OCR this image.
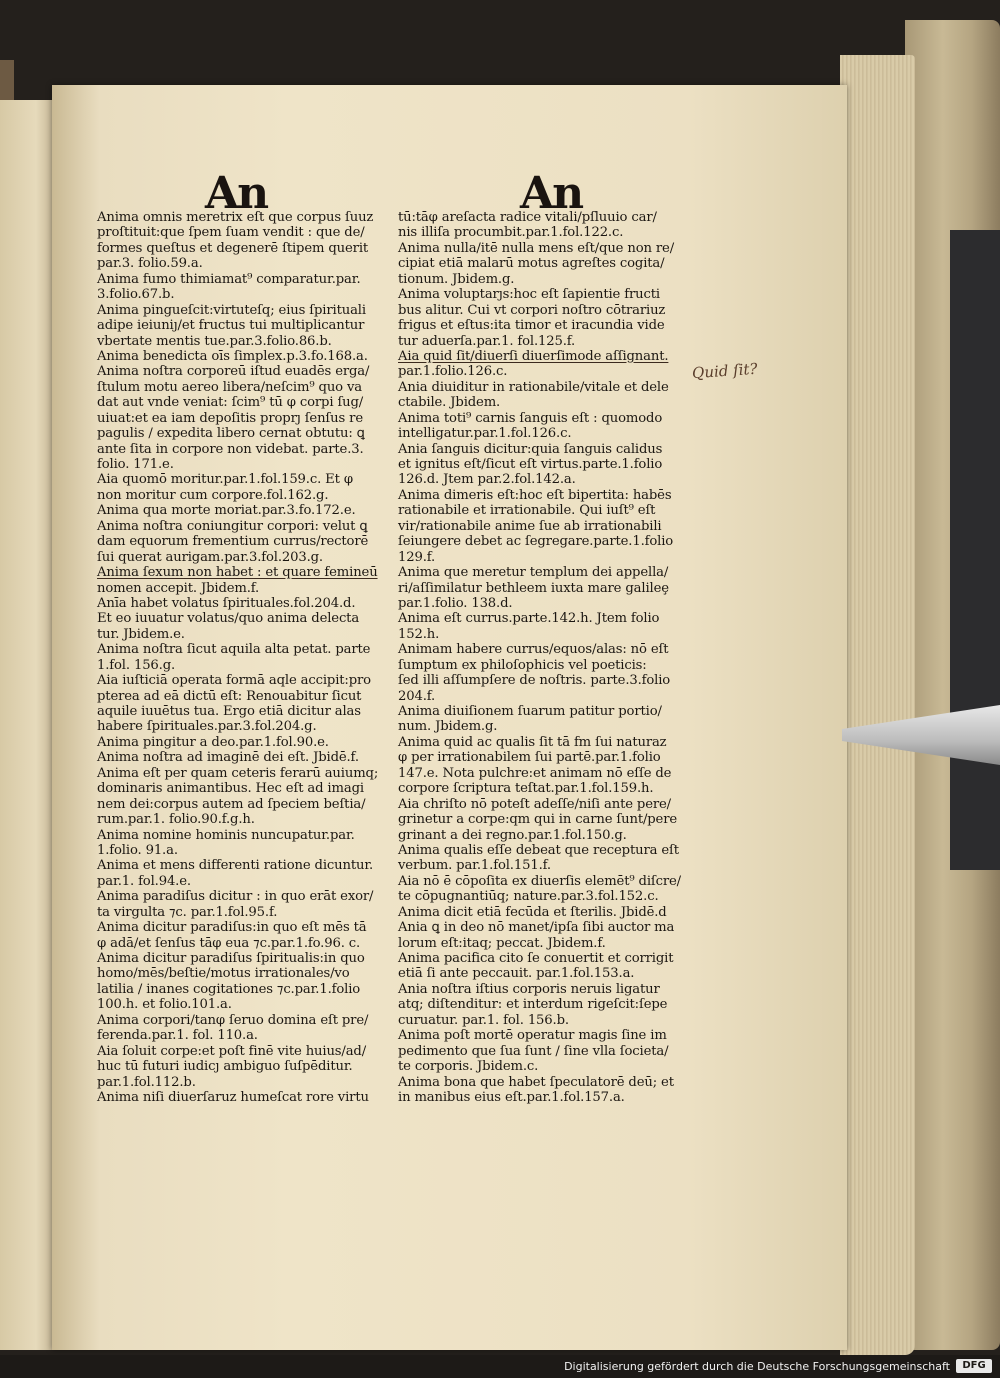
An	An
Anima omnis meretrix eſt que corpus ſuuz
proſtituit:que ſpem ſuam vendit : que de/
formes queſtus et degenerē ſtipem querit
par.3. folio.59.a.
Anima fumo thimiamat⁹ comparatur.par.
3.folio.67.b.
Anima pingueſcit:virtuteſq; eius ſpirituali
adipe ieiuniȷ/et fructus tui multiplicantur
vbertate mentis tue.par.3.folio.86.b.
Anima benedicta oīs ſimplex.p.3.fo.168.a.
Anima noſtra corporeū iſtud euadēs erga/
ſtulum motu aereo libera/neſcim⁹ quo va
dat aut vnde veniat: ſcim⁹ tū φ corpi ſug/
uiuat:et ea iam depoſitis proprȷ ſenſus re
pagulis / expedita libero cernat obtutu: ꝗ
ante ſita in corpore non videbat. parte.3.
folio. 171.e.
Aia quomō moritur.par.1.fol.159.c. Et φ
non moritur cum corpore.fol.162.g.
Anima qua morte moriat.par.3.fo.172.e.
Anima noſtra coniungitur corpori: velut ꝗ
dam equorum frementium currus/rectorē
ſui querat aurigam.par.3.fol.203.g.
Anima ſexum non habet : et quare femineū
nomen accepit. Jbidem.f.
Anīa habet volatus ſpirituales.fol.204.d.
Et eo iuuatur volatus/quo anima delecta
tur. Jbidem.e.
Anima noſtra ſicut aquila alta petat. parte
1.fol. 156.g.
Aia iuſticiā operata formā aqle accipit:pro
pterea ad eā dictū eſt: Renouabitur ſicut
aquile iuuētus tua. Ergo etiā dicitur alas
habere ſpirituales.par.3.fol.204.g.
Anima pingitur a deo.par.1.fol.90.e.
Anima noſtra ad imaginē dei eſt. Jbidē.f.
Anima eſt per quam ceteris ferarū auiumq;
dominaris animantibus. Hec eſt ad imagi
nem dei:corpus autem ad ſpeciem beſtia/
rum.par.1. folio.90.f.g.h.
Anima nomine hominis nuncupatur.par.
1.folio. 91.a.
Anima et mens differenti ratione dicuntur.
par.1. fol.94.e.
Anima paradiſus dicitur : in quo erāt exor/
ta virgulta ⁊c. par.1.fol.95.f.
Anima dicitur paradiſus:in quo eſt mēs tā
φ adā/et ſenſus tāφ eua ⁊c.par.1.fo.96. c.
Anima dicitur paradiſus ſpiritualis:in quo
homo/mēs/beſtie/motus irrationales/vo
latilia / inanes cogitationes ⁊c.par.1.folio
100.h. et folio.101.a.
Anima corpori/tanφ ſeruo domina eſt pre/
ferenda.par.1. fol. 110.a.
Aia ſoluit corpe:et poſt finē vite huius/ad/
huc tū futuri iudicȷ ambiguo ſuſpēditur.
par.1.fol.112.b.
Anima niſi diuerſaruz humeſcat rore virtu
tū:tāφ areſacta radice vitali/pſluuio car/
nis illiſa procumbit.par.1.fol.122.c.
Anima nulla/itē nulla mens eſt/que non re/
cipiat etiā malarū motus agreſtes cogita/
tionum. Jbidem.g.
Anima voluptarȷs:hoc eſt ſapientie fructi
bus alitur. Cui vt corpori noſtro cōtrariuz
frigus et eſtus:ita timor et iracundia vide
tur aduerſa.par.1. fol.125.f.
Aia quid ſit/diuerſi diuerſimode aſſignant.
par.1.folio.126.c.
Ania diuiditur in rationabile/vitale et dele
ctabile. Jbidem.
Anima toti⁹ carnis ſanguis eſt : quomodo
intelligatur.par.1.fol.126.c.
Ania ſanguis dicitur:quia ſanguis calidus
et ignitus eſt/ſicut eſt virtus.parte.1.folio
126.d. Jtem par.2.fol.142.a.
Anima dimeris eſt:hoc eſt bipertita: habēs
rationabile et irrationabile. Qui iuſt⁹ eſt
vir/rationabile anime ſue ab irrationabili
ſeiungere debet ac ſegregare.parte.1.folio
129.f.
Anima que meretur templum dei appella/
ri/aſſimilatur bethleem iuxta mare galileȩ
par.1.folio. 138.d.
Anima eſt currus.parte.142.h. Jtem folio
152.h.
Animam habere currus/equos/alas: nō eſt
ſumptum ex philoſophicis vel poeticis:
ſed illi aſſumpſere de noſtris. parte.3.folio
204.f.
Anima diuiſionem ſuarum patitur portio/
num. Jbidem.g.
Anima quid ac qualis ſit tā fm ſui naturaz
φ per irrationabilem ſui partē.par.1.folio
147.e. Nota pulchre:et animam nō eſſe de
corpore ſcriptura teſtat.par.1.fol.159.h.
Aia chriſto nō poteſt adeſſe/niſi ante pere/
grinetur a corpe:qm qui in carne ſunt/pere
grinant a dei regno.par.1.fol.150.g.
Anima qualis eſſe debeat que receptura eſt
verbum. par.1.fol.151.f.
Aia nō ē cōpoſita ex diuerſis elemēt⁹ diſcre/
te cōpugnantiūq; nature.par.3.fol.152.c.
Anima dicit etiā fecūda et ſterilis. Jbidē.d
Ania ꝗ in deo nō manet/ipſa ſibi auctor ma
lorum eſt:itaq; peccat. Jbidem.f.
Anima pacifica cito ſe conuertit et corrigit
etiā ſi ante peccauit. par.1.fol.153.a.
Ania noſtra iſtius corporis neruis ligatur
atq; diſtenditur: et interdum rigeſcit:ſepe
curuatur. par.1. fol. 156.b.
Anima poſt mortē operatur magis ſine im
pedimento que ſua ſunt / ſine vlla ſocieta/
te corporis. Jbidem.c.
Anima bona que habet ſpeculatorē deū; et
in manibus eius eſt.par.1.fol.157.a.
Quid ſit?
Digitalisierung gefördert durch die Deutsche Forschungsgemeinschaft	DFG
